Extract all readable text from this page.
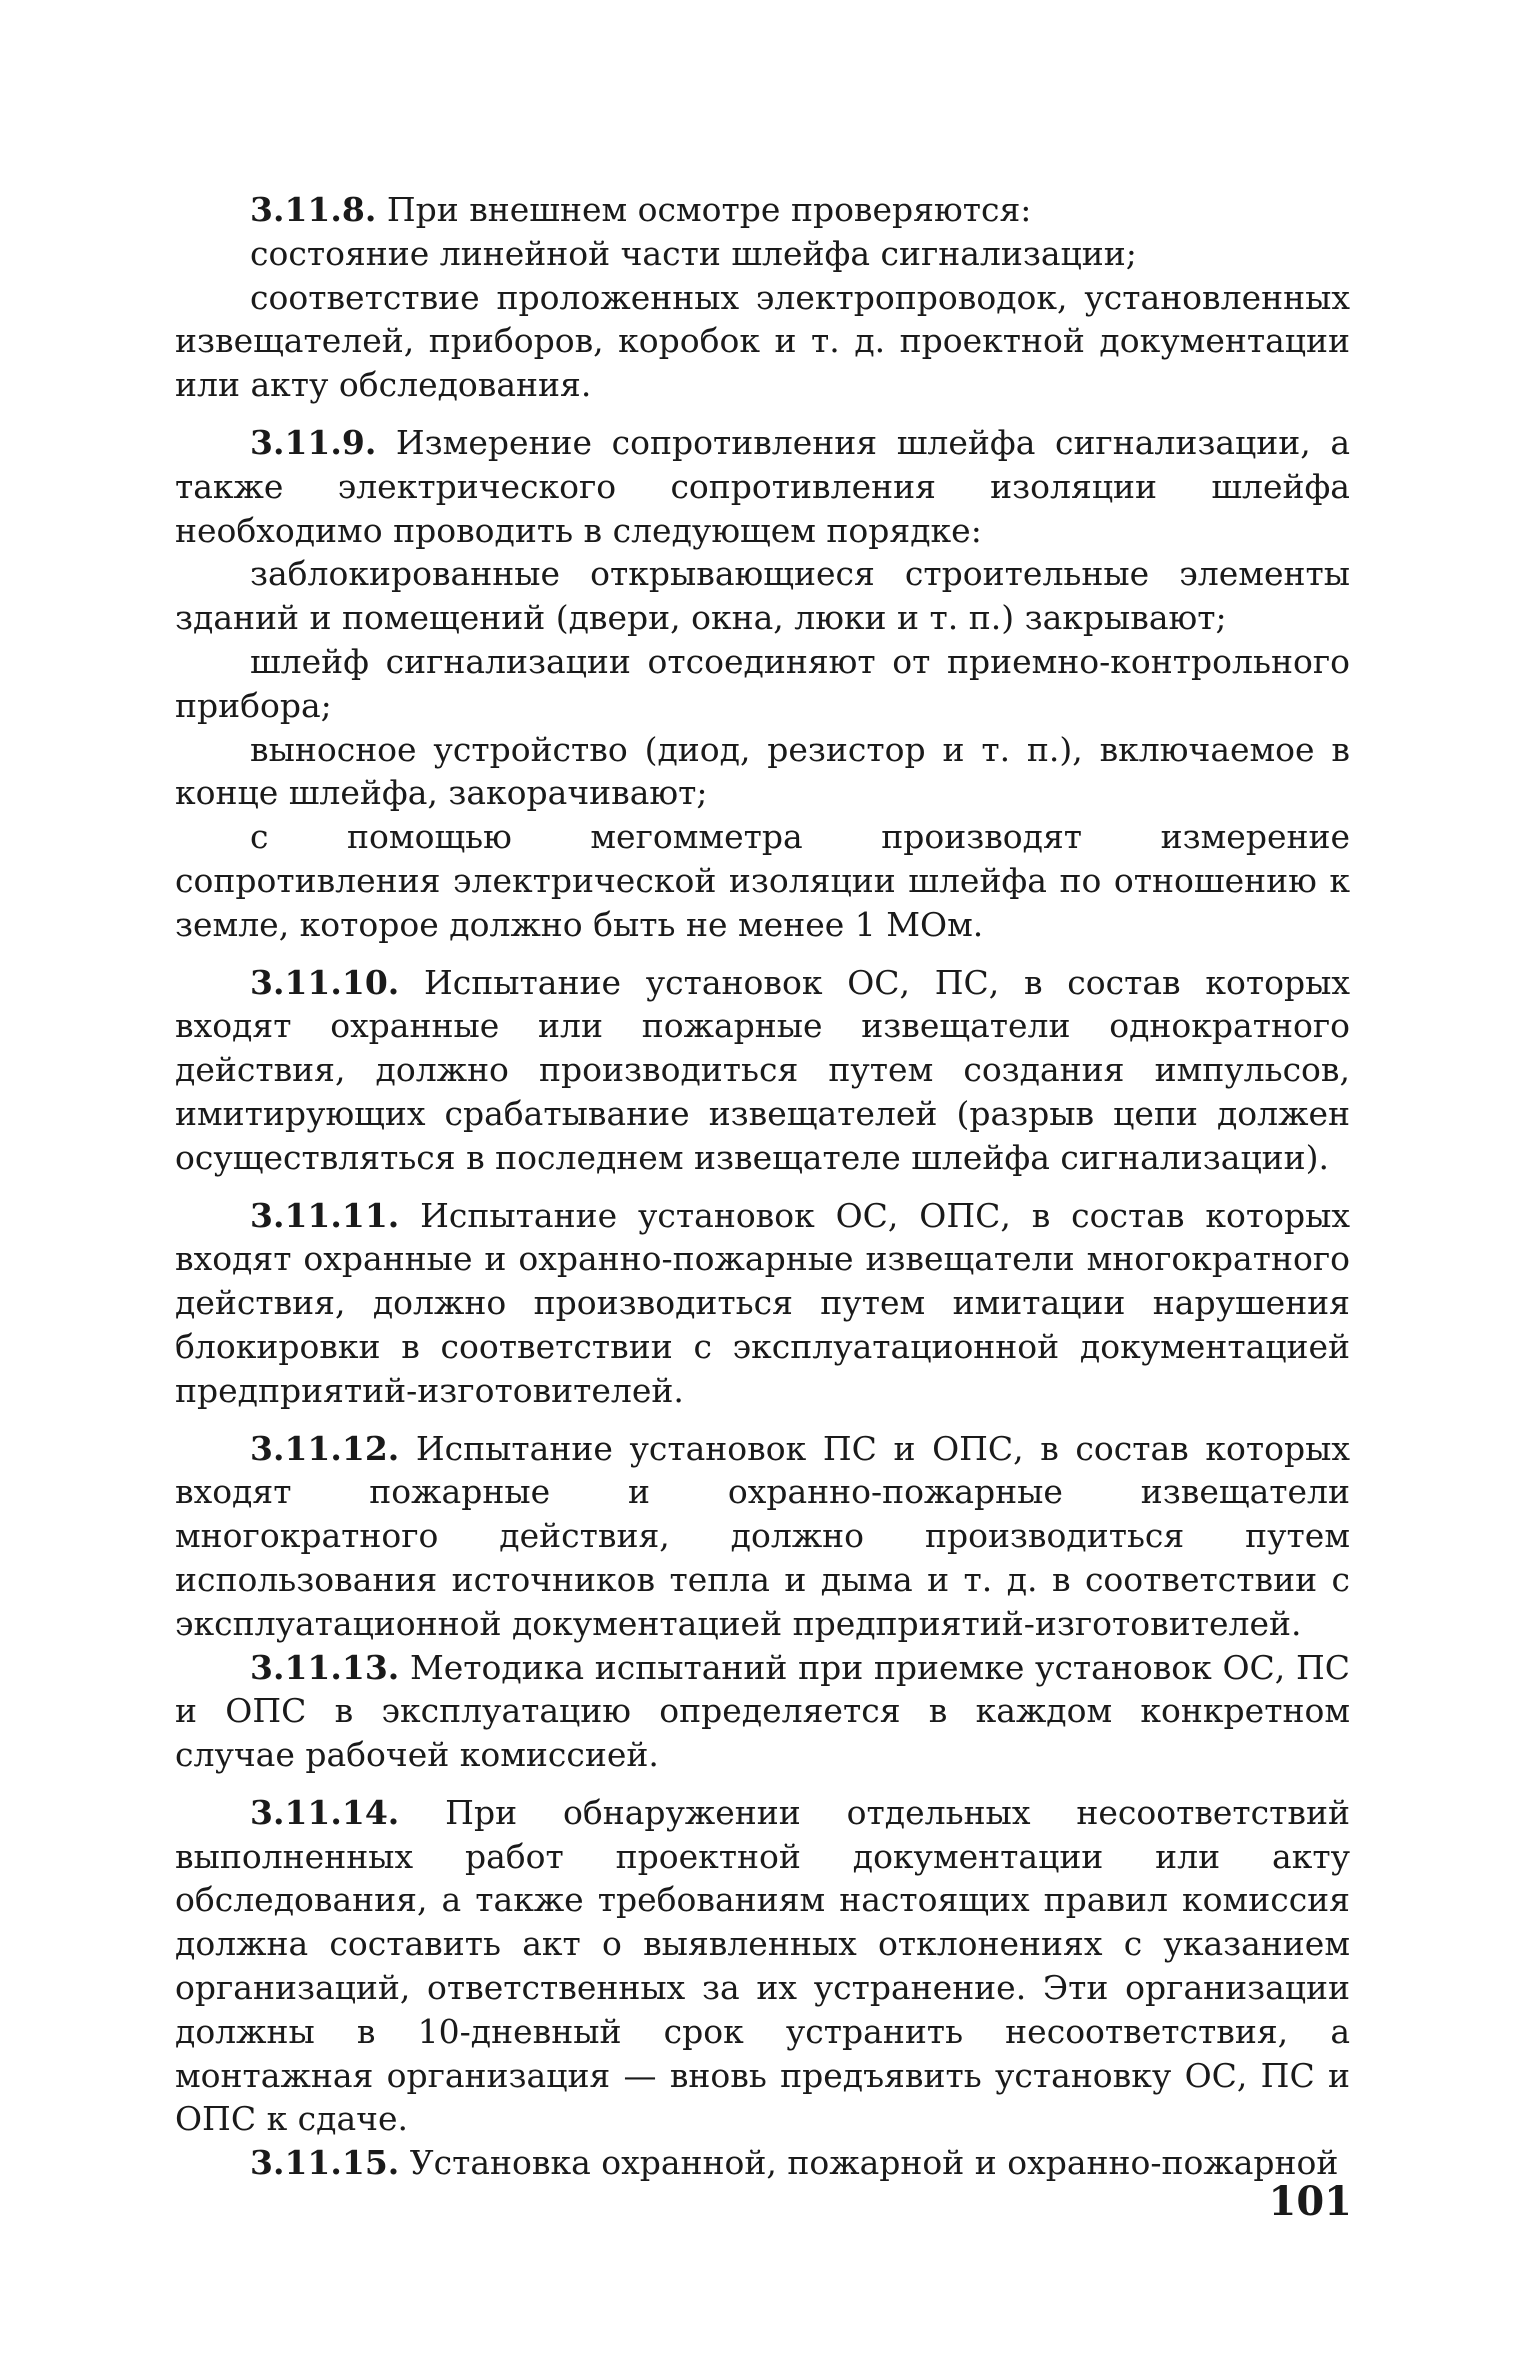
3.11.8. При внешнем осмотре проверяются:

состояние линейной части шлейфа сигнализации;

соответствие проложенных электропроводок, установленных извещателей, приборов, коробок и т. д. проектной документации или акту обследования.

3.11.9. Измерение сопротивления шлейфа сигнализации, а также электрического сопротивления изоляции шлейфа необходимо проводить в следующем порядке:

заблокированные открывающиеся строительные элементы зданий и помещений (двери, окна, люки и т. п.) закрывают;

шлейф сигнализации отсоединяют от приемно-контрольного прибора;

выносное устройство (диод, резистор и т. п.), включаемое в конце шлейфа, закорачивают;

с помощью мегомметра производят измерение сопротивления электрической изоляции шлейфа по отношению к земле, которое должно быть не менее 1 МОм.

3.11.10. Испытание установок ОС, ПС, в состав которых входят охранные или пожарные извещатели однократного действия, должно производиться путем создания импульсов, имитирующих срабатывание извещателей (разрыв цепи должен осуществляться в последнем извещателе шлейфа сигнализации).

3.11.11. Испытание установок ОС, ОПС, в состав которых входят охранные и охранно-пожарные извещатели многократного действия, должно производиться путем имитации нарушения блокировки в соответствии с эксплуатационной документацией предприятий-изготовителей.

3.11.12. Испытание установок ПС и ОПС, в состав которых входят пожарные и охранно-пожарные извещатели многократного действия, должно производиться путем использования источников тепла и дыма и т. д. в соответствии с эксплуатационной документацией предприятий-изготовителей.

3.11.13. Методика испытаний при приемке установок ОС, ПС и ОПС в эксплуатацию определяется в каждом конкретном случае рабочей комиссией.

3.11.14. При обнаружении отдельных несоответствий выполненных работ проектной документации или акту обследования, а также требованиям настоящих правил комиссия должна составить акт о выявленных отклонениях с указанием организаций, ответственных за их устранение. Эти организации должны в 10-дневный срок устранить несоответствия, а монтажная организация — вновь предъявить установку ОС, ПС и ОПС к сдаче.

3.11.15. Установка охранной, пожарной и охранно-пожарной

101
